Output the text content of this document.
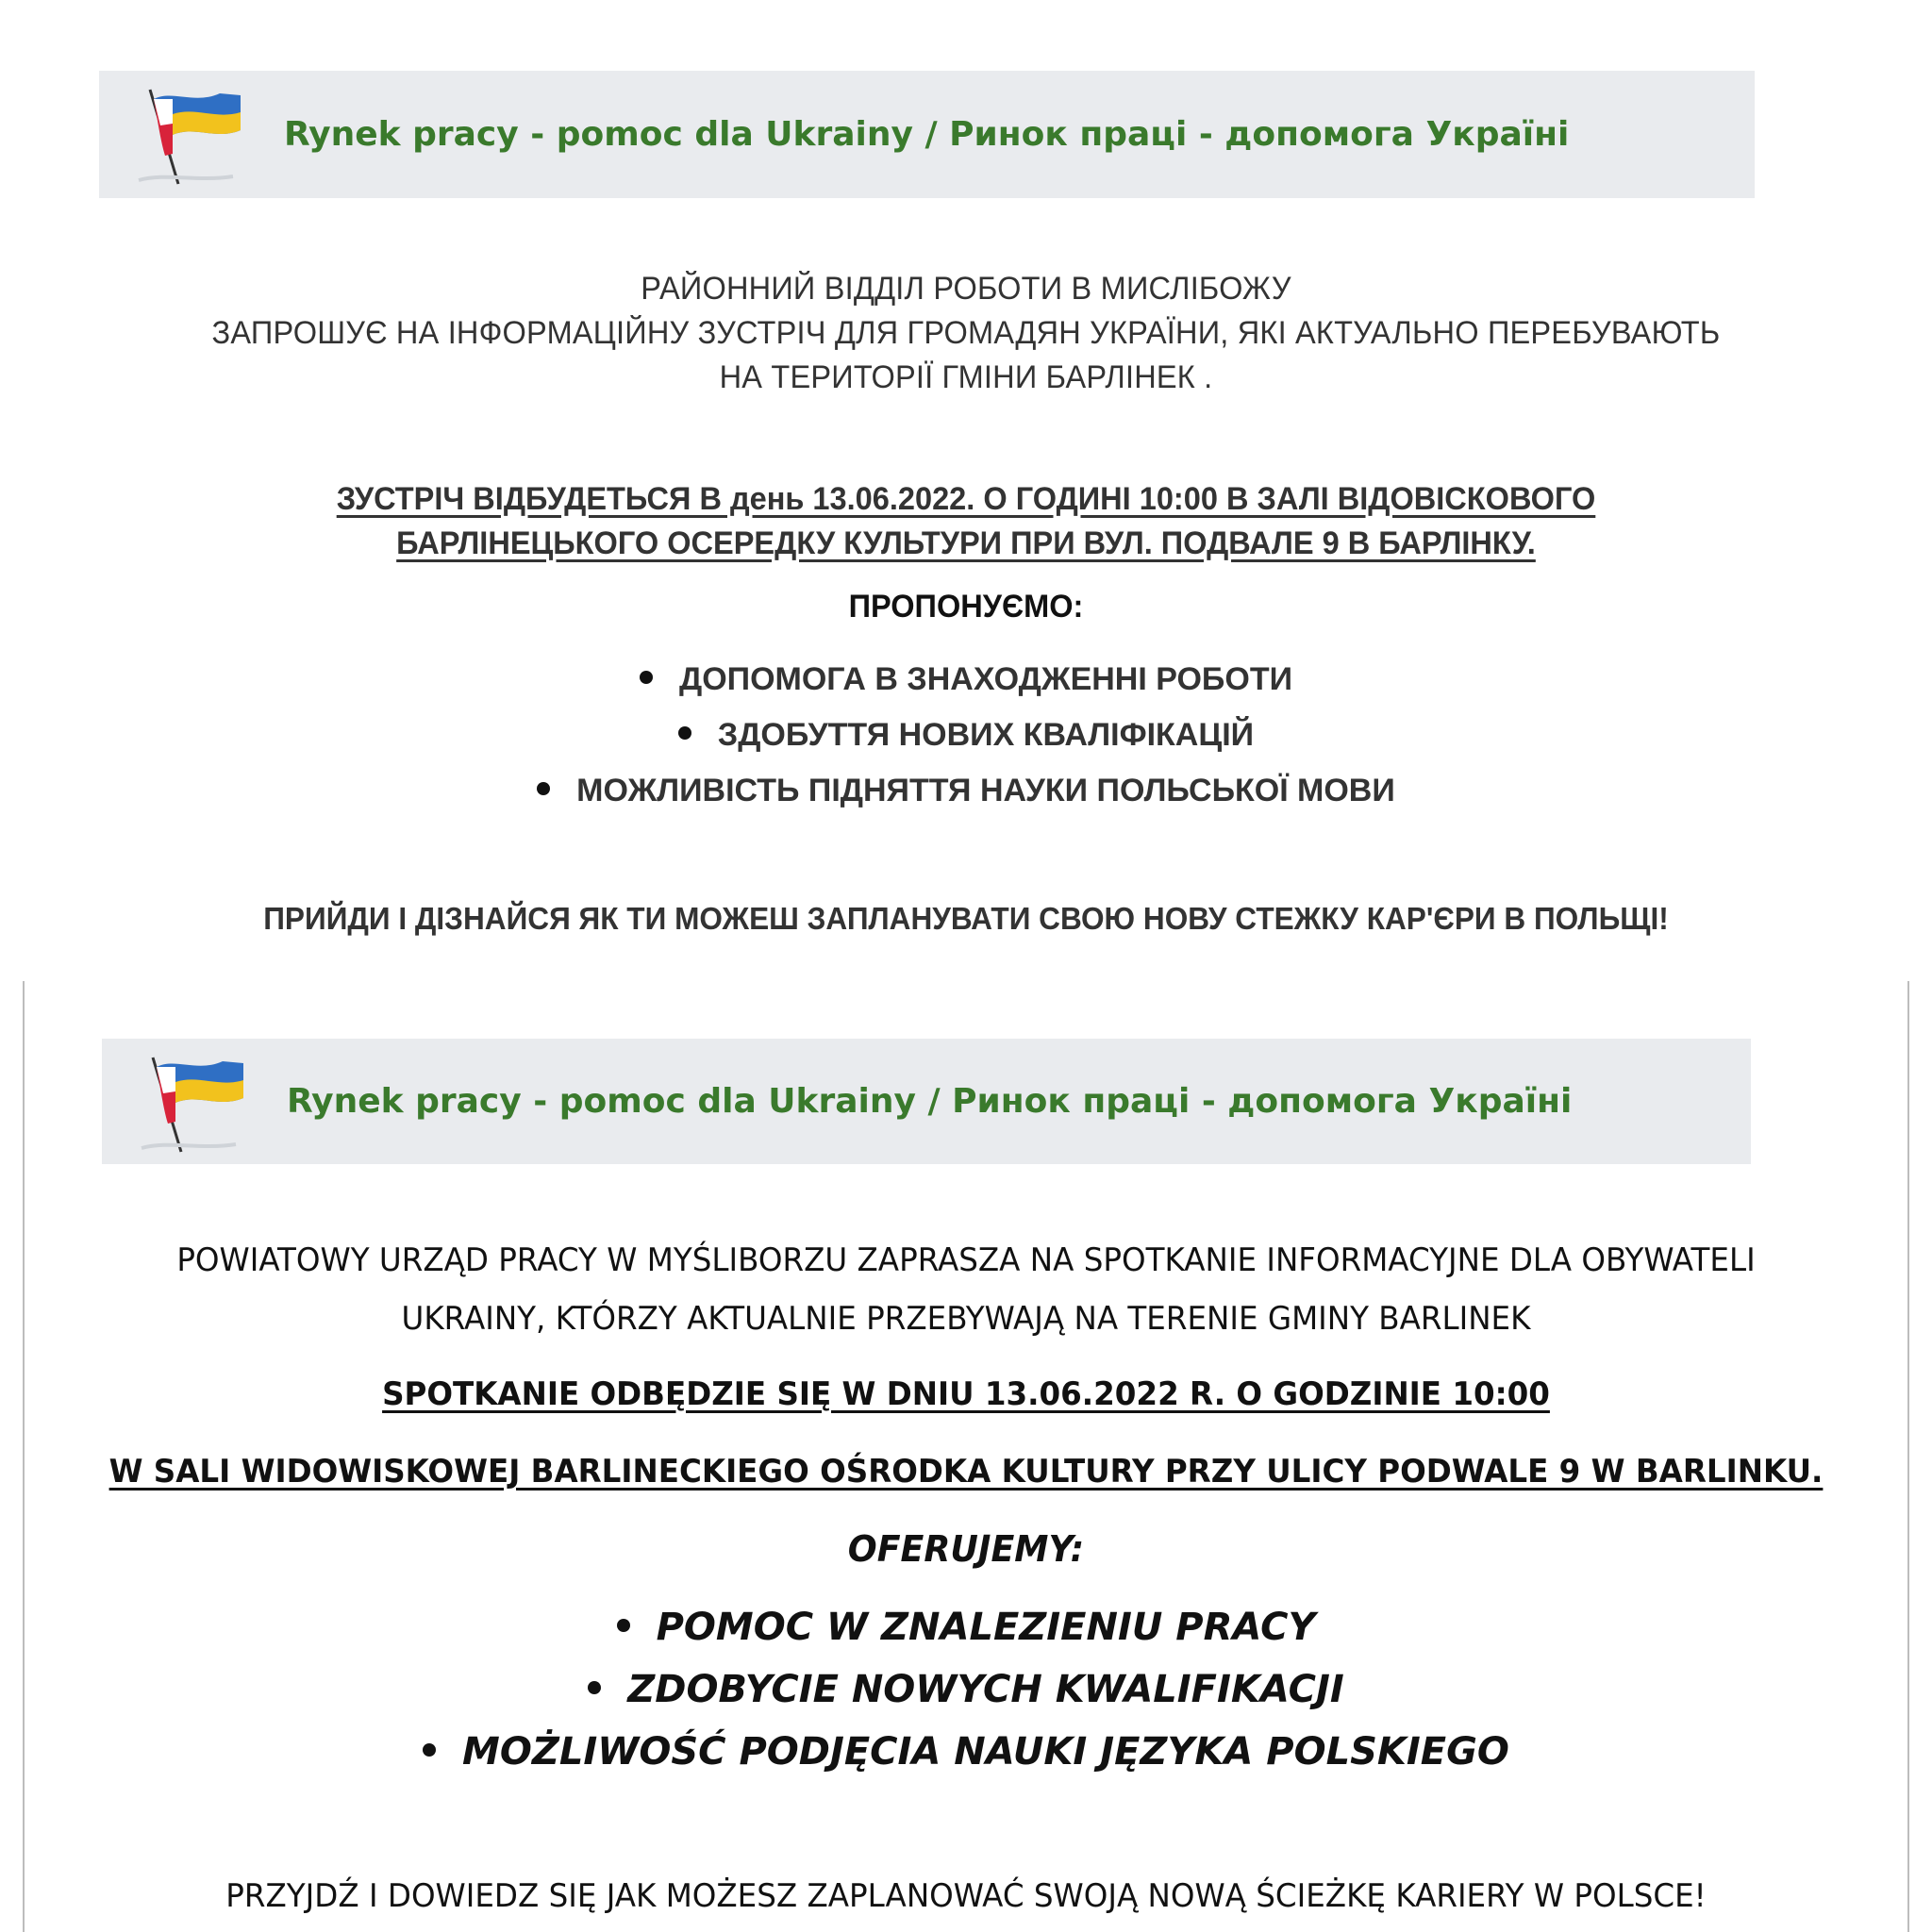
Rynek pracy - pomoc dla Ukrainy / Ринок праці - допомога Україні
РАЙОННИЙ ВІДДІЛ РОБОТИ В МИСЛІБОЖУ
ЗАПРОШУЄ НА ІНФОРМАЦІЙНУ ЗУСТРІЧ ДЛЯ ГРОМАДЯН УКРАЇНИ, ЯКІ АКТУАЛЬНО ПЕРЕБУВАЮТЬ
НА ТЕРИТОРІЇ ГМІНИ БАРЛІНЕК .
ЗУСТРІЧ ВІДБУДЕТЬСЯ В день 13.06.2022. О ГОДИНІ 10:00 В ЗАЛІ ВІДОВІСКОВОГО
БАРЛІНЕЦЬКОГО ОСЕРЕДКУ КУЛЬТУРИ ПРИ ВУЛ. ПОДВАЛЕ 9 В БАРЛІНКУ.
ПРОПОНУЄМО:
ДОПОМОГА В ЗНАХОДЖЕННІ РОБОТИ
ЗДОБУТТЯ НОВИХ КВАЛІФІКАЦІЙ
МОЖЛИВІСТЬ ПІДНЯТТЯ НАУКИ ПОЛЬСЬКОЇ МОВИ
ПРИЙДИ І ДІЗНАЙСЯ ЯК ТИ МОЖЕШ ЗАПЛАНУВАТИ СВОЮ НОВУ СТЕЖКУ КАР'ЄРИ В ПОЛЬЩІ!
Rynek pracy - pomoc dla Ukrainy / Ринок праці - допомога Україні
POWIATOWY URZĄD PRACY W MYŚLIBORZU ZAPRASZA NA SPOTKANIE INFORMACYJNE DLA OBYWATELI
UKRAINY, KTÓRZY AKTUALNIE PRZEBYWAJĄ NA TERENIE GMINY BARLINEK
SPOTKANIE ODBĘDZIE SIĘ W DNIU 13.06.2022 R. O GODZINIE 10:00
W SALI WIDOWISKOWEJ BARLINECKIEGO OŚRODKA KULTURY PRZY ULICY PODWALE 9 W BARLINKU.
OFERUJEMY:
POMOC W ZNALEZIENIU PRACY
ZDOBYCIE NOWYCH KWALIFIKACJI
MOŻLIWOŚĆ PODJĘCIA NAUKI JĘZYKA POLSKIEGO
PRZYJDŹ I DOWIEDZ SIĘ JAK MOŻESZ ZAPLANOWAĆ SWOJĄ NOWĄ ŚCIEŻKĘ KARIERY W POLSCE!
